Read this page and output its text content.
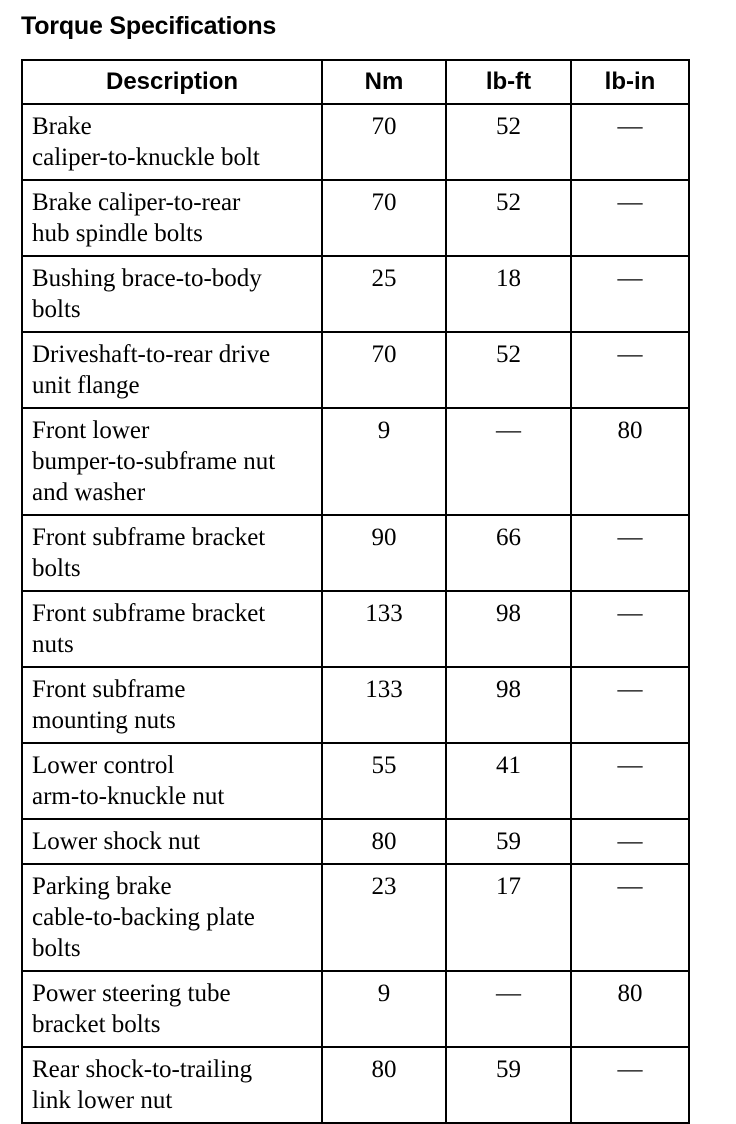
Torque Specifications
Description	Nm	lb-ft	lb-in

Brake
caliper-to-knuckle bolt	70	52	—

Brake caliper-to-rear
hub spindle bolts	70	52	—

Bushing brace-to-body
bolts	25	18	—

Driveshaft-to-rear drive
unit flange	70	52	—

Front lower
bumper-to-subframe nut
and washer	9	—	80

Front subframe bracket
bolts	90	66	—

Front subframe bracket
nuts	133	98	—

Front subframe
mounting nuts	133	98	—

Lower control
arm-to-knuckle nut	55	41	—

Lower shock nut	80	59	—

Parking brake
cable-to-backing plate
bolts	23	17	—

Power steering tube
bracket bolts	9	—	80

Rear shock-to-trailing
link lower nut	80	59	—
